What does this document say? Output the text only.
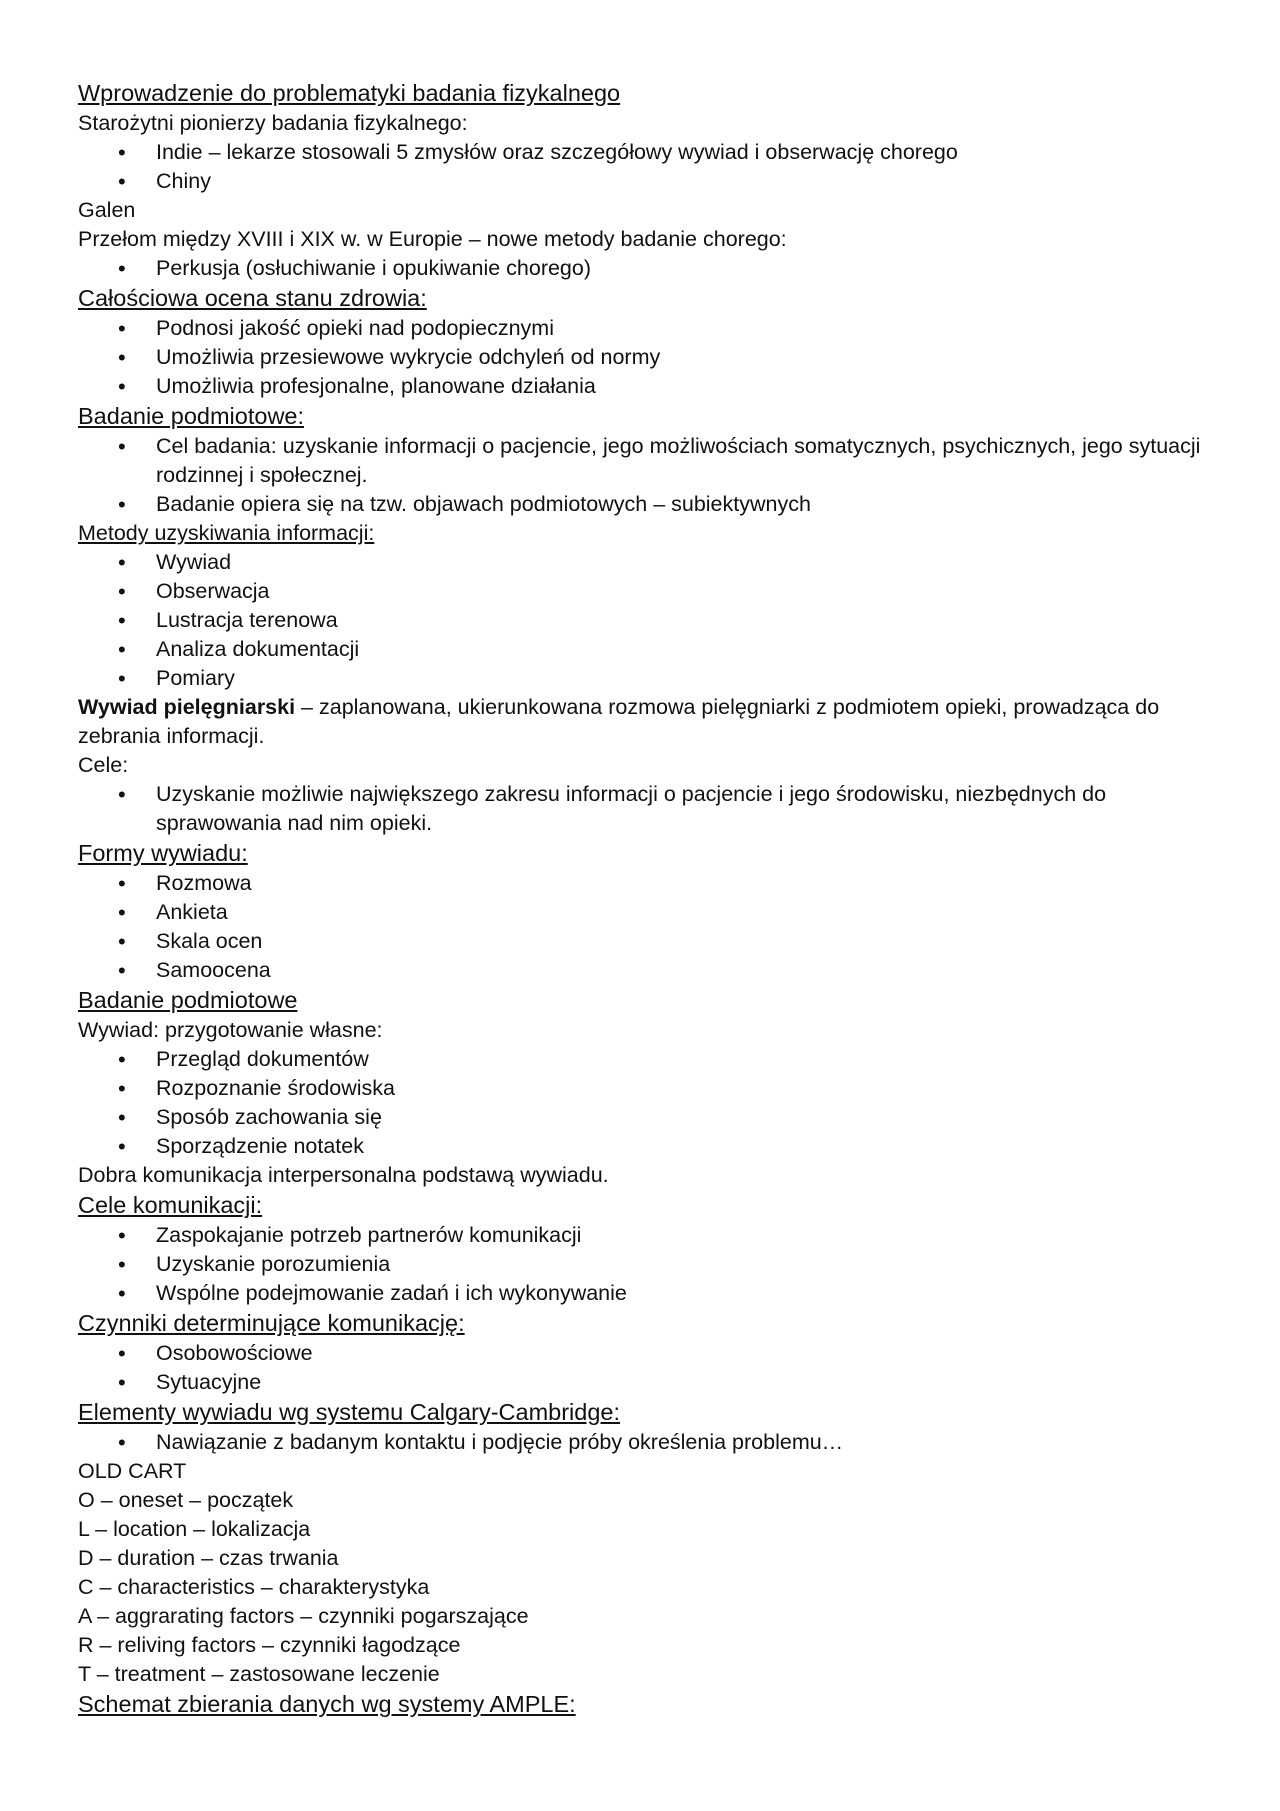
Wprowadzenie do problematyki badania fizykalnego

Starożytni pionierzy badania fizykalnego:

• Indie – lekarze stosowali 5 zmysłów oraz szczegółowy wywiad i obserwację chorego
• Chiny

Galen

Przełom między XVIII i XIX w. w Europie – nowe metody badanie chorego:

• Perkusja (osłuchiwanie i opukiwanie chorego)

Całościowa ocena stanu zdrowia:

• Podnosi jakość opieki nad podopiecznymi
• Umożliwia przesiewowe wykrycie odchyleń od normy
• Umożliwia profesjonalne, planowane działania

Badanie podmiotowe:

• Cel badania: uzyskanie informacji o pacjencie, jego możliwościach somatycznych, psychicznych, jego sytuacji rodzinnej i społecznej.
• Badanie opiera się na tzw. objawach podmiotowych – subiektywnych

Metody uzyskiwania informacji:

• Wywiad
• Obserwacja
• Lustracja terenowa
• Analiza dokumentacji
• Pomiary

Wywiad pielęgniarski – zaplanowana, ukierunkowana rozmowa pielęgniarki z podmiotem opieki, prowadząca do zebrania informacji.

Cele:

• Uzyskanie możliwie największego zakresu informacji o pacjencie i jego środowisku, niezbędnych do sprawowania nad nim opieki.

Formy wywiadu:

• Rozmowa
• Ankieta
• Skala ocen
• Samoocena

Badanie podmiotowe

Wywiad: przygotowanie własne:

• Przegląd dokumentów
• Rozpoznanie środowiska
• Sposób zachowania się
• Sporządzenie notatek

Dobra komunikacja interpersonalna podstawą wywiadu.

Cele komunikacji:

• Zaspokajanie potrzeb partnerów komunikacji
• Uzyskanie porozumienia
• Wspólne podejmowanie zadań i ich wykonywanie

Czynniki determinujące komunikację:

• Osobowościowe
• Sytuacyjne

Elementy wywiadu wg systemu Calgary-Cambridge:

• Nawiązanie z badanym kontaktu i podjęcie próby określenia problemu…

OLD CART

O – oneset – początek

L – location – lokalizacja

D – duration – czas trwania

C – characteristics – charakterystyka

A – aggrarating factors – czynniki pogarszające

R – reliving factors – czynniki łagodzące

T – treatment – zastosowane leczenie

Schemat zbierania danych wg systemy AMPLE:
